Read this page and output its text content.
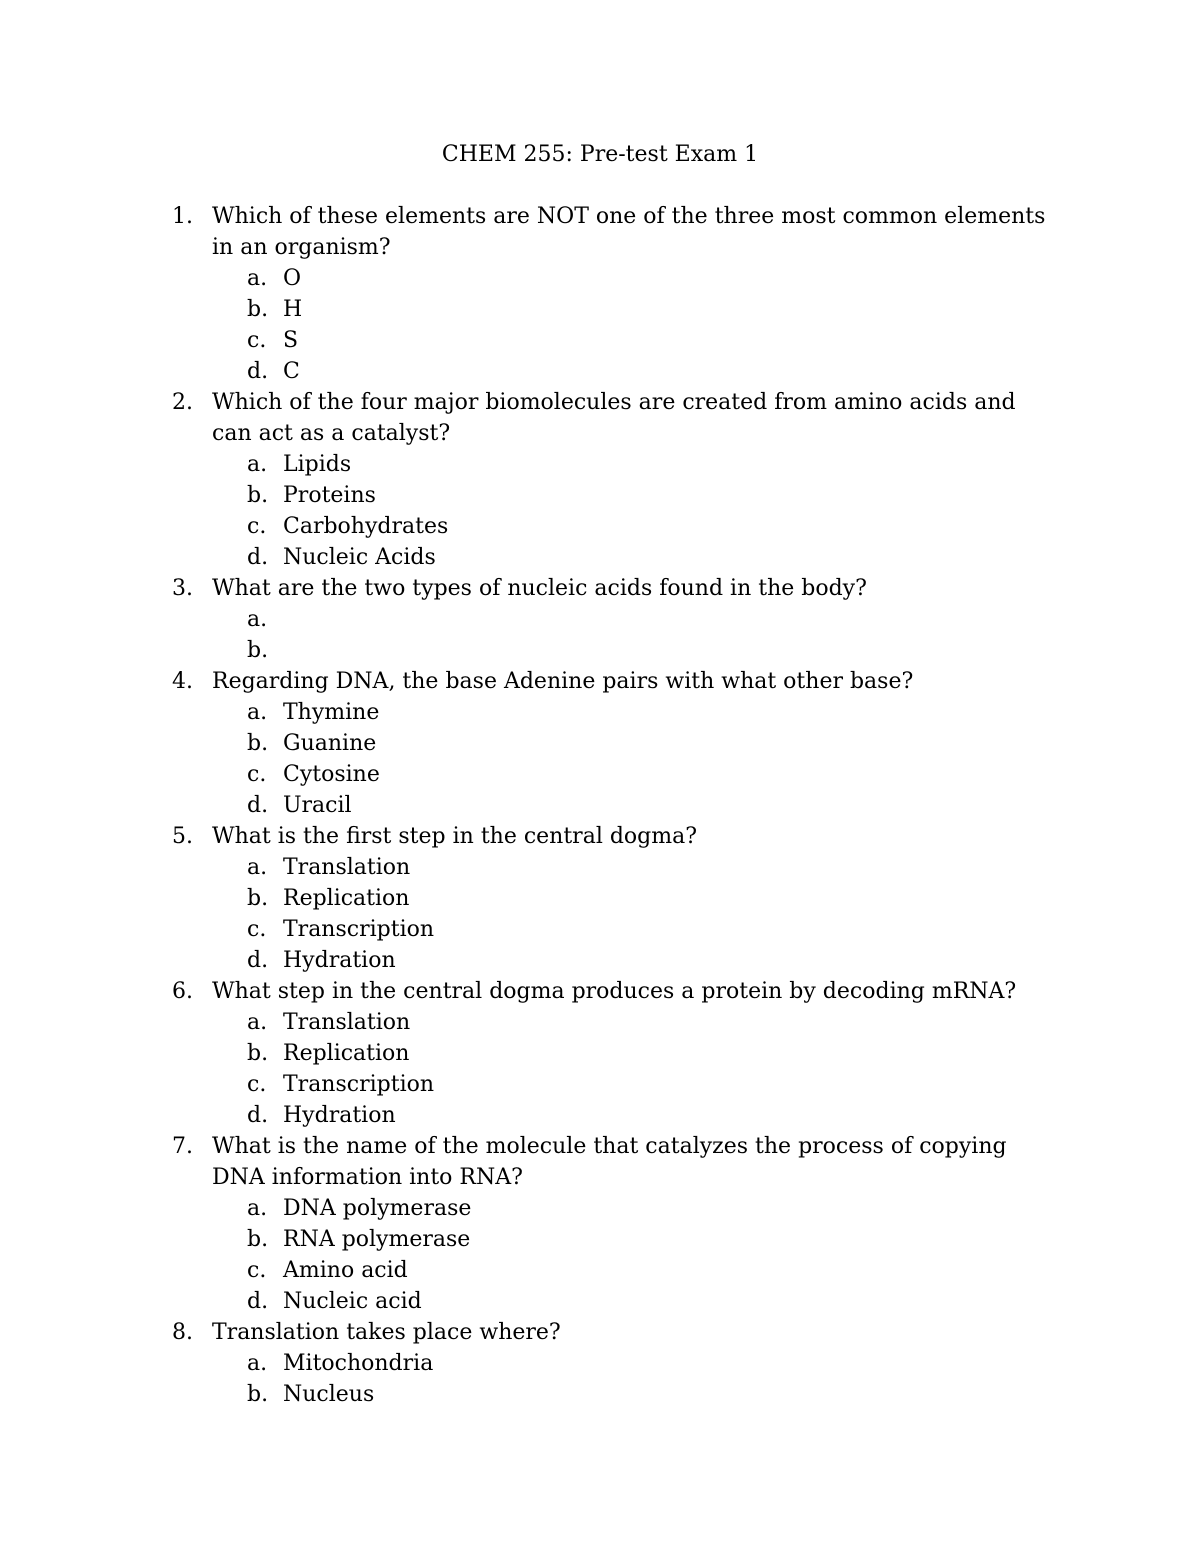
CHEM 255: Pre-test Exam 1
1. Which of these elements are NOT one of the three most common elements in an organism?
a. O
b. H
c. S
d. C
2. Which of the four major biomolecules are created from amino acids and can act as a catalyst?
a. Lipids
b. Proteins
c. Carbohydrates
d. Nucleic Acids
3. What are the two types of nucleic acids found in the body?
a.
b.
4. Regarding DNA, the base Adenine pairs with what other base?
a. Thymine
b. Guanine
c. Cytosine
d. Uracil
5. What is the first step in the central dogma?
a. Translation
b. Replication
c. Transcription
d. Hydration
6. What step in the central dogma produces a protein by decoding mRNA?
a. Translation
b. Replication
c. Transcription
d. Hydration
7. What is the name of the molecule that catalyzes the process of copying DNA information into RNA?
a. DNA polymerase
b. RNA polymerase
c. Amino acid
d. Nucleic acid
8. Translation takes place where?
a. Mitochondria
b. Nucleus
